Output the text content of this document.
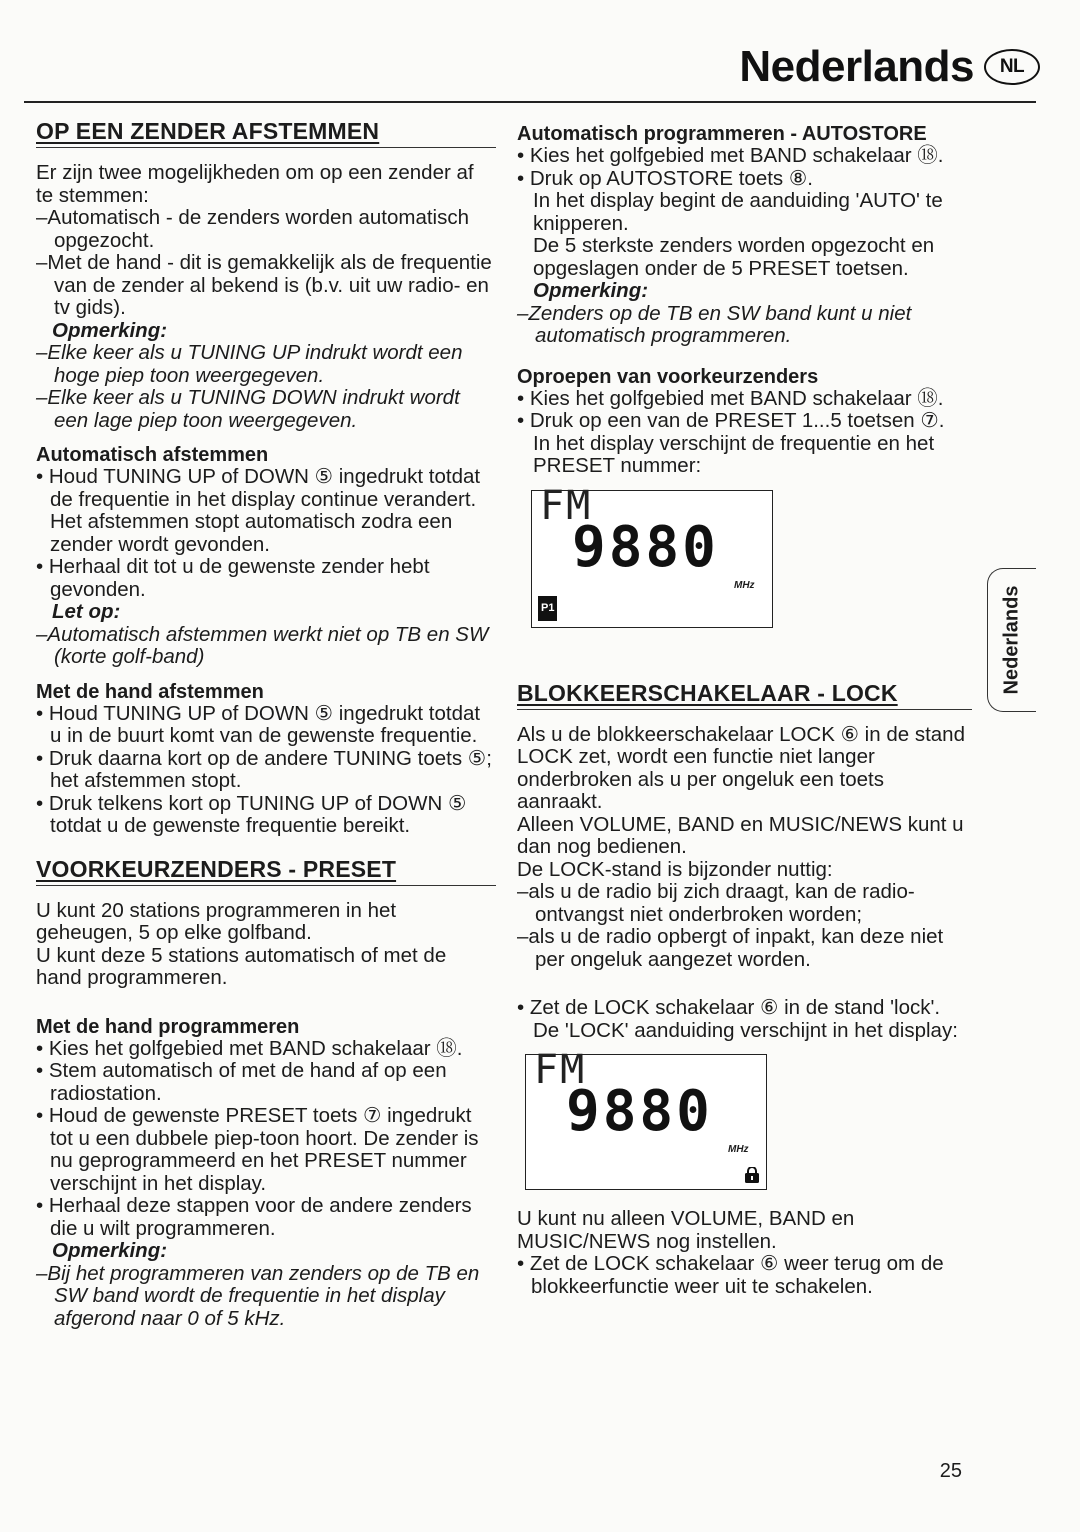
Nederlands	NL
OP EEN ZENDER AFSTEMMEN

Er zijn twee mogelijkheden om op een zender af te stemmen:

–Automatisch - de zenders worden automatisch opgezocht.

–Met de hand - dit is gemakkelijk als de frequentie van de zender al bekend is (b.v. uit uw radio- en tv gids).

Opmerking:

–Elke keer als u TUNING UP indrukt wordt een hoge piep toon weergegeven.

–Elke keer als u TUNING DOWN indrukt wordt een lage piep toon weergegeven.

Automatisch afstemmen

• Houd TUNING UP of DOWN ⑤ ingedrukt totdat de frequentie in het display continue verandert. Het afstemmen stopt automatisch zodra een zender wordt gevonden.

• Herhaal dit tot u de gewenste zender hebt gevonden.

Let op:

–Automatisch afstemmen werkt niet op TB en SW (korte golf-band)

Met de hand afstemmen

• Houd TUNING UP of DOWN ⑤ ingedrukt totdat u in de buurt komt van de gewenste frequentie.

• Druk daarna kort op de andere TUNING toets ⑤; het afstemmen stopt.

• Druk telkens kort op TUNING UP of DOWN ⑤ totdat u de gewenste frequentie bereikt.

VOORKEURZENDERS - PRESET

U kunt 20 stations programmeren in het geheugen, 5 op elke golfband.

U kunt deze 5 stations automatisch of met de hand programmeren.

Met de hand programmeren

• Kies het golfgebied met BAND schakelaar ⑱.

• Stem automatisch of met de hand af op een radiostation.

• Houd de gewenste PRESET toets ⑦ ingedrukt tot u een dubbele piep-toon hoort. De zender is nu geprogrammeerd en het PRESET nummer verschijnt in het display.

• Herhaal deze stappen voor de andere zenders die u wilt programmeren.

Opmerking:

–Bij het programmeren van zenders op de TB en SW band wordt de frequentie in het display afgerond naar 0 of 5 kHz.

Automatisch programmeren - AUTOSTORE

• Kies het golfgebied met BAND schakelaar ⑱.

• Druk op AUTOSTORE toets ⑧.

In het display begint de aanduiding 'AUTO' te knipperen.

De 5 sterkste zenders worden opgezocht en opgeslagen onder de 5 PRESET toetsen.

Opmerking:

–Zenders op de TB en SW band kunt u niet automatisch programmeren.

Oproepen van voorkeurzenders

• Kies het golfgebied met BAND schakelaar ⑱.

• Druk op een van de PRESET 1...5 toetsen ⑦.

In het display verschijnt de frequentie en het PRESET nummer:

FM
9880
MHz
P1
BLOKKEERSCHAKELAAR - LOCK

Als u de blokkeerschakelaar LOCK ⑥ in de stand LOCK zet, wordt een functie niet langer onderbroken als u per ongeluk een toets aanraakt.

Alleen VOLUME, BAND en MUSIC/NEWS kunt u dan nog bedienen.

De LOCK-stand is bijzonder nuttig:

–als u de radio bij zich draagt, kan de radio-ontvangst niet onderbroken worden;

–als u de radio opbergt of inpakt, kan deze niet per ongeluk aangezet worden.

• Zet de LOCK schakelaar ⑥ in de stand 'lock'.

De 'LOCK' aanduiding verschijnt in het display:

FM
9880
MHz

U kunt nu alleen VOLUME, BAND en MUSIC/NEWS nog instellen.

• Zet de LOCK schakelaar ⑥ weer terug om de blokkeerfunctie weer uit te schakelen.

Nederlands
25
